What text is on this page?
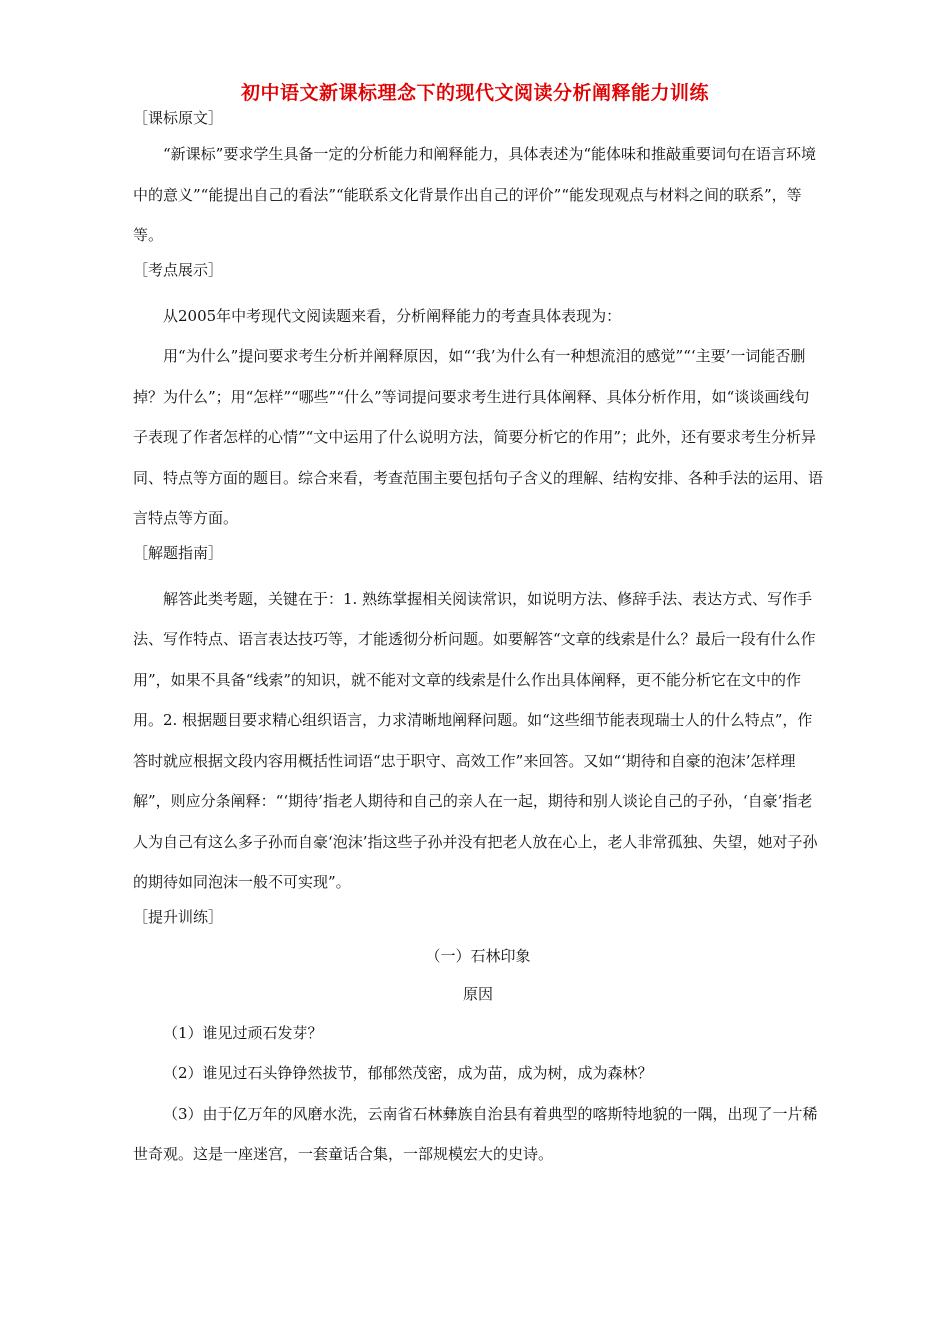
初中语文新课标理念下的现代文阅读分析阐释能力训练
［课标原文］

“新课标”要求学生具备一定的分析能力和阐释能力，具体表述为“能体味和推敲重要词句在语言环境中的意义”“能提出自己的看法”“能联系文化背景作出自己的评价”“能发现观点与材料之间的联系”，等等。

［考点展示］

从2005年中考现代文阅读题来看，分析阐释能力的考查具体表现为：

用“为什么”提问要求考生分析并阐释原因，如“‘我’为什么有一种想流泪的感觉”“‘主要’一词能否删掉？为什么”；用“怎样”“哪些”“什么”等词提问要求考生进行具体阐释、具体分析作用，如“谈谈画线句子表现了作者怎样的心情”“文中运用了什么说明方法，简要分析它的作用”；此外，还有要求考生分析异同、特点等方面的题目。综合来看，考查范围主要包括句子含义的理解、结构安排、各种手法的运用、语言特点等方面。

［解题指南］

解答此类考题，关键在于：1. 熟练掌握相关阅读常识，如说明方法、修辞手法、表达方式、写作手法、写作特点、语言表达技巧等，才能透彻分析问题。如要解答“文章的线索是什么？最后一段有什么作用”，如果不具备“线索”的知识，就不能对文章的线索是什么作出具体阐释，更不能分析它在文中的作用。2. 根据题目要求精心组织语言，力求清晰地阐释问题。如“这些细节能表现瑞士人的什么特点”，作答时就应根据文段内容用概括性词语“忠于职守、高效工作”来回答。又如“‘期待和自豪的泡沫’怎样理解”，则应分条阐释：“‘期待’指老人期待和自己的亲人在一起，期待和别人谈论自己的子孙，‘自豪’指老人为自己有这么多子孙而自豪‘泡沫’指这些子孙并没有把老人放在心上，老人非常孤独、失望，她对子孙的期待如同泡沫一般不可实现”。

［提升训练］
（一）石林印象
原因

（1）谁见过顽石发芽？

（2）谁见过石头铮铮然拔节，郁郁然茂密，成为苗，成为树，成为森林？

（3）由于亿万年的风磨水洗，云南省石林彝族自治县有着典型的喀斯特地貌的一隅，出现了一片稀世奇观。这是一座迷宫，一套童话合集，一部规模宏大的史诗。
